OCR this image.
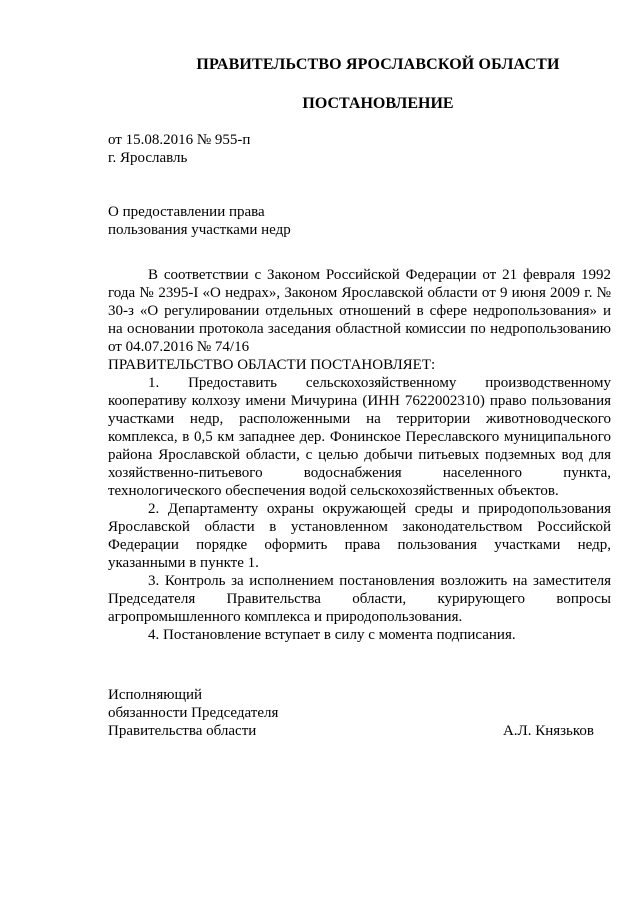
ПРАВИТЕЛЬСТВО ЯРОСЛАВСКОЙ ОБЛАСТИ
ПОСТАНОВЛЕНИЕ
от 15.08.2016 № 955-п
г. Ярославль
О предоставлении права
пользования участками недр

В соответствии с Законом Российской Федерации от 21 февраля 1992 года № 2395-I «О недрах», Законом Ярославской области от 9 июня 2009 г. № 30-з «О регулировании отдельных отношений в сфере недропользования» и на основании протокола заседания областной комиссии по недропользованию от 04.07.2016 № 74/16

ПРАВИТЕЛЬСТВО ОБЛАСТИ ПОСТАНОВЛЯЕТ:

1. Предоставить сельскохозяйственному производственному кооперативу колхозу имени Мичурина (ИНН 7622002310) право пользования участками недр, расположенными на территории животноводческого комплекса, в 0,5 км западнее дер. Фонинское Переславского муниципального района Ярославской области, с целью добычи питьевых подземных вод для хозяйственно-питьевого водоснабжения населенного пункта, технологического обеспечения водой сельскохозяйственных объектов.

2. Департаменту охраны окружающей среды и природопользования Ярославской области в установленном законодательством Российской Федерации порядке оформить права пользования участками недр, указанными в пункте 1.

3. Контроль за исполнением постановления возложить на заместителя Председателя Правительства области, курирующего вопросы агропромышленного комплекса и природопользования.

4. Постановление вступает в силу с момента подписания.

Исполняющий
обязанности Председателя
Правительства области	А.Л. Князьков
